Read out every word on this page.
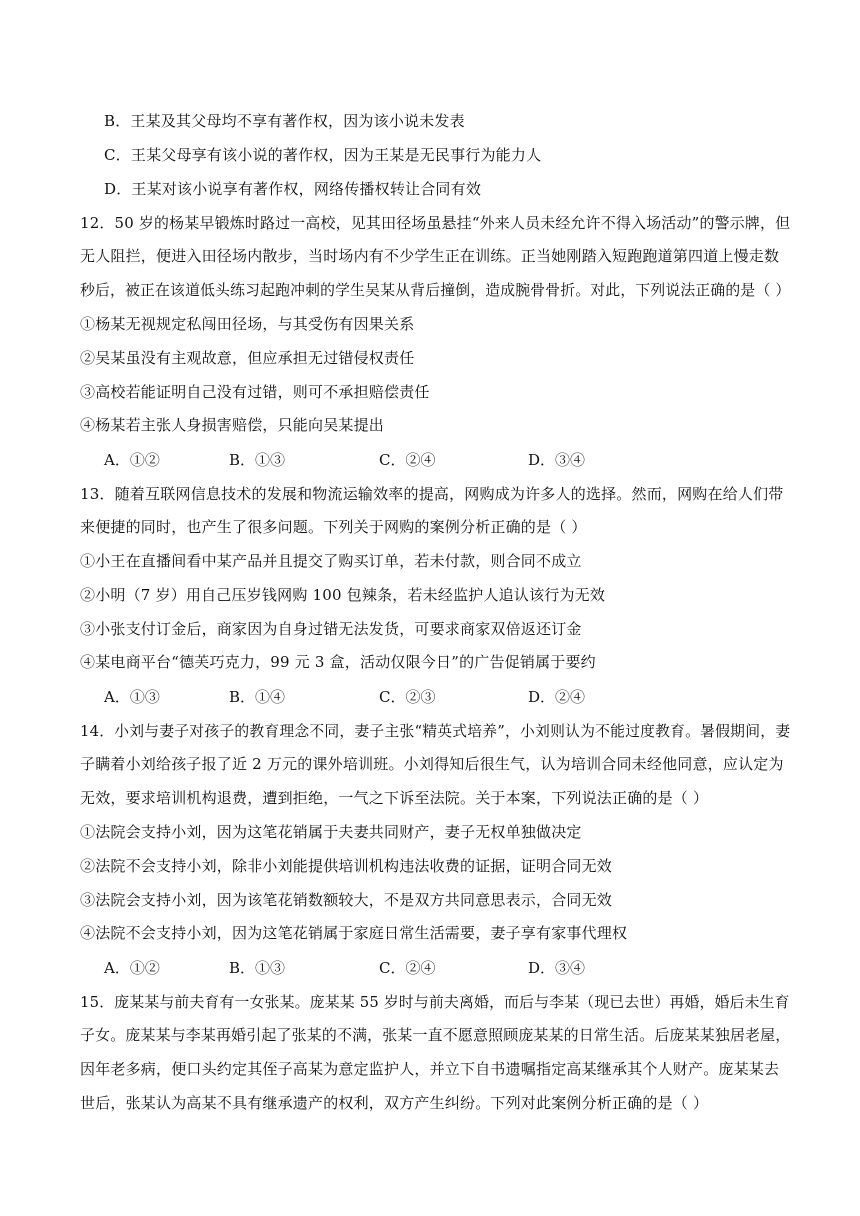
B．王某及其父母均不享有著作权，因为该小说未发表
C．王某父母享有该小说的著作权，因为王某是无民事行为能力人
D．王某对该小说享有著作权，网络传播权转让合同有效
12．50 岁的杨某早锻炼时路过一高校，见其田径场虽悬挂“外来人员未经允许不得入场活动”的警示牌，但
无人阻拦，便进入田径场内散步，当时场内有不少学生正在训练。正当她刚踏入短跑跑道第四道上慢走数
秒后，被正在该道低头练习起跑冲刺的学生吴某从背后撞倒，造成腕骨骨折。对此，下列说法正确的是（ ）
①杨某无视规定私闯田径场，与其受伤有因果关系
②吴某虽没有主观故意，但应承担无过错侵权责任
③高校若能证明自己没有过错，则可不承担赔偿责任
④杨某若主张人身损害赔偿，只能向吴某提出
A．①②	B．①③	C．②④	D．③④
13．随着互联网信息技术的发展和物流运输效率的提高，网购成为许多人的选择。然而，网购在给人们带
来便捷的同时，也产生了很多问题。下列关于网购的案例分析正确的是（ ）
①小王在直播间看中某产品并且提交了购买订单，若未付款，则合同不成立
②小明（7 岁）用自己压岁钱网购 100 包辣条，若未经监护人追认该行为无效
③小张支付订金后，商家因为自身过错无法发货，可要求商家双倍返还订金
④某电商平台“德芙巧克力，99 元 3 盒，活动仅限今日”的广告促销属于要约
A．①③	B．①④	C．②③	D．②④
14．小刘与妻子对孩子的教育理念不同，妻子主张“精英式培养”，小刘则认为不能过度教育。暑假期间，妻
子瞒着小刘给孩子报了近 2 万元的课外培训班。小刘得知后很生气，认为培训合同未经他同意，应认定为
无效，要求培训机构退费，遭到拒绝，一气之下诉至法院。关于本案，下列说法正确的是（ ）
①法院会支持小刘，因为这笔花销属于夫妻共同财产，妻子无权单独做决定
②法院不会支持小刘，除非小刘能提供培训机构违法收费的证据，证明合同无效
③法院会支持小刘，因为该笔花销数额较大，不是双方共同意思表示，合同无效
④法院不会支持小刘，因为这笔花销属于家庭日常生活需要，妻子享有家事代理权
A．①②	B．①③	C．②④	D．③④
15．庞某某与前夫育有一女张某。庞某某 55 岁时与前夫离婚，而后与李某（现已去世）再婚，婚后未生育
子女。庞某某与李某再婚引起了张某的不满，张某一直不愿意照顾庞某某的日常生活。后庞某某独居老屋，
因年老多病，便口头约定其侄子高某为意定监护人，并立下自书遗嘱指定高某继承其个人财产。庞某某去
世后，张某认为高某不具有继承遗产的权利，双方产生纠纷。下列对此案例分析正确的是（ ）
